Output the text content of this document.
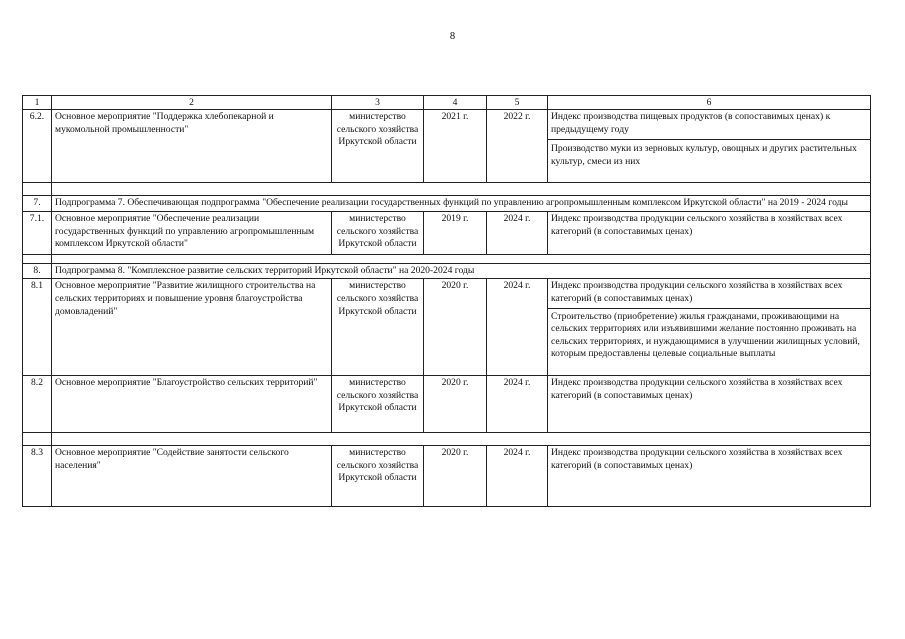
8
1	2	3	4	5	6
6.2.	Основное мероприятие "Поддержка хлебопекарной и мукомольной промышленности"	министерство сельского хозяйства Иркутской области	2021 г.	2022 г.	Индекс производства пищевых продуктов (в сопоставимых ценах) к предыдущему году
Производство муки из зерновых культур, овощных и других растительных культур, смеси из них

7.	Подпрограмма 7. Обеспечивающая подпрограмма "Обеспечение реализации государственных функций по управлению агропромышленным комплексом Иркутской области" на 2019 - 2024 годы				
7.1.	Основное мероприятие "Обеспечение реализации государственных функций по управлению агропромышленным комплексом Иркутской области"	министерство сельского хозяйства Иркутской области	2019 г.	2024 г.	Индекс производства продукции сельского хозяйства в хозяйствах всех категорий (в сопоставимых ценах)

8.	Подпрограмма 8. "Комплексное развитие сельских территорий Иркутской области" на 2020-2024 годы				
8.1	Основное мероприятие "Развитие жилищного строительства на сельских территориях и повышение уровня благоустройства домовладений"	министерство сельского хозяйства Иркутской области	2020 г.	2024 г.	Индекс производства продукции сельского хозяйства в хозяйствах всех категорий (в сопоставимых ценах)
Строительство (приобретение) жилья гражданами, проживающими на сельских территориях или изъявившими желание постоянно проживать на сельских территориях, и нуждающимися в улучшении жилищных условий, которым предоставлены целевые социальные выплаты

8.2	Основное мероприятие "Благоустройство сельских территорий"	министерство сельского хозяйства Иркутской области	2020 г.	2024 г.	Индекс производства продукции сельского хозяйства в хозяйствах всех категорий (в сопоставимых ценах)

8.3	Основное мероприятие "Содействие занятости сельского населения"	министерство сельского хозяйства Иркутской области	2020 г.	2024 г.	Индекс производства продукции сельского хозяйства в хозяйствах всех категорий (в сопоставимых ценах)
